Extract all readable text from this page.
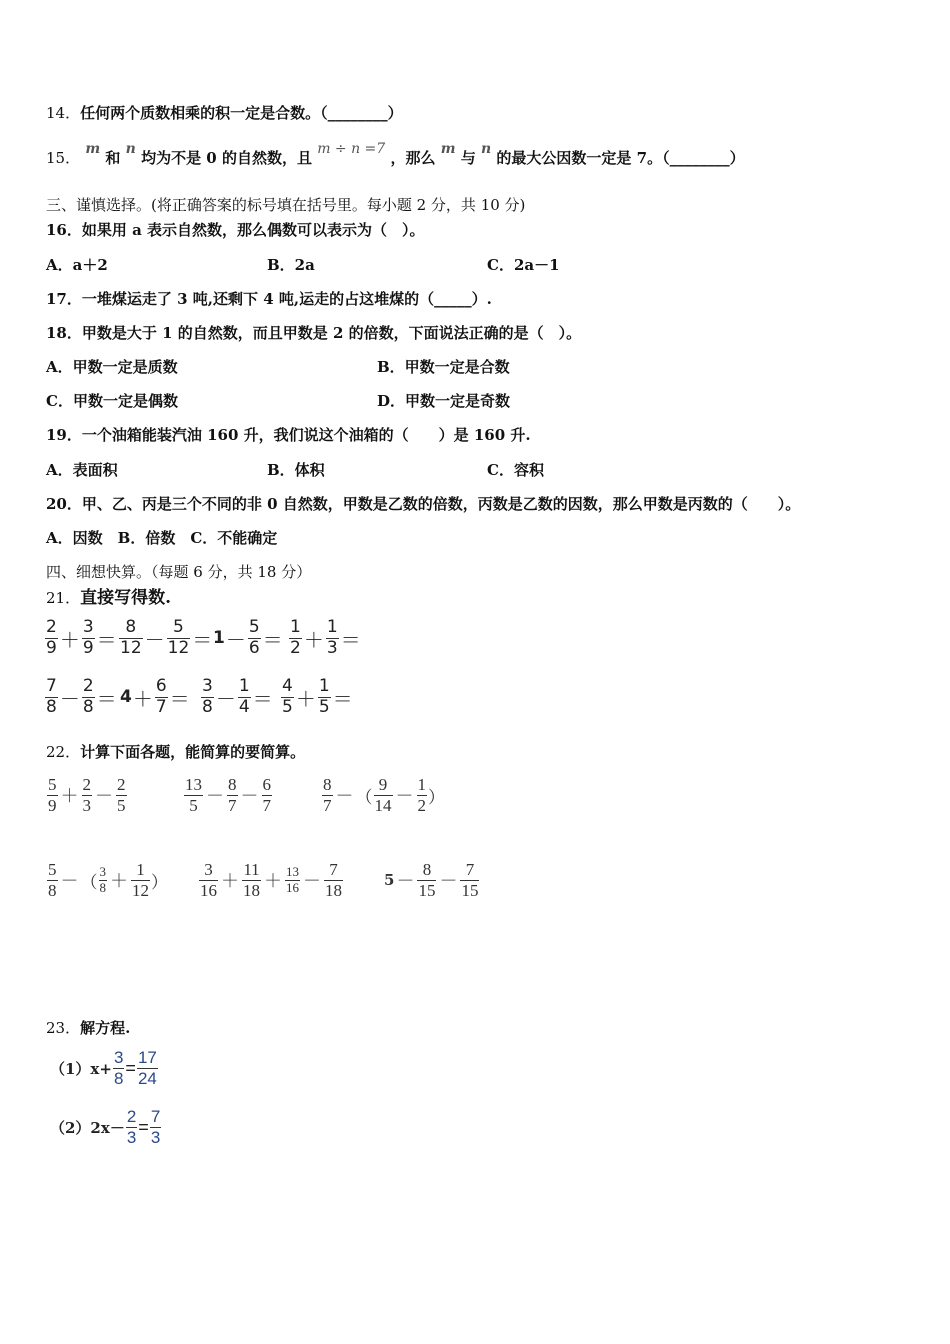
14．任何两个质数相乘的积一定是合数。（________）
15． m 和 n 均为不是 0 的自然数，且 m ÷ n =7 ，那么 m 与 n 的最大公因数一定是 7。（________）
三、谨慎选择。(将正确答案的标号填在括号里。每小题 2 分，共 10 分)
16．如果用 a 表示自然数，那么偶数可以表示为（　）。
A．a＋2	B．2a	C．2a－1
17．一堆煤运走了 3 吨,还剩下 4 吨,运走的占这堆煤的（_____）.
18．甲数是大于 1 的自然数，而且甲数是 2 的倍数，下面说法正确的是（　）。
A．甲数一定是质数	B．甲数一定是合数
C．甲数一定是偶数	D．甲数一定是奇数
19．一个油箱能装汽油 160 升，我们说这个油箱的（　　）是 160 升.
A．表面积	B．体积	C．容积
20．甲、乙、丙是三个不同的非 0 自然数，甲数是乙数的倍数，丙数是乙数的因数，那么甲数是丙数的（　　）。
A．因数　B．倍数　C．不能确定
四、细想快算。（每题 6 分，共 18 分）
21．直接写得数.
$\frac{2}{9} + \frac{3}{9} = \frac{8}{12} - \frac{5}{12} = 1 - \frac{5}{6} = \frac{1}{2} + \frac{1}{3}$ ＝
$\frac{7}{8} - \frac{2}{8} = 4 + \frac{6}{7} = \frac{3}{8} - \frac{1}{4} = \frac{4}{5} + \frac{1}{5}$ ＝
22．计算下面各题，能简算的要简算。
$\frac{5}{9} + \frac{2}{3} - \frac{2}{5}$	$\frac{13}{5} - \frac{8}{7} - \frac{6}{7}$	$\frac{8}{7}$ － （ $\frac{9}{14} - \frac{1}{2}$ ）
$\frac{5}{8}$ － （ $\frac{3}{8} + \frac{1}{12}$ ） $\frac{3}{16} + \frac{11}{18} + \frac{13}{16} - \frac{7}{18}$	$5 - \frac{8}{15} - \frac{7}{15}$
23．解方程.
$(1)x+ \frac{3}{8} = \frac{17}{24}$
$(2)2x- \frac{2}{3} = \frac{7}{3}$
